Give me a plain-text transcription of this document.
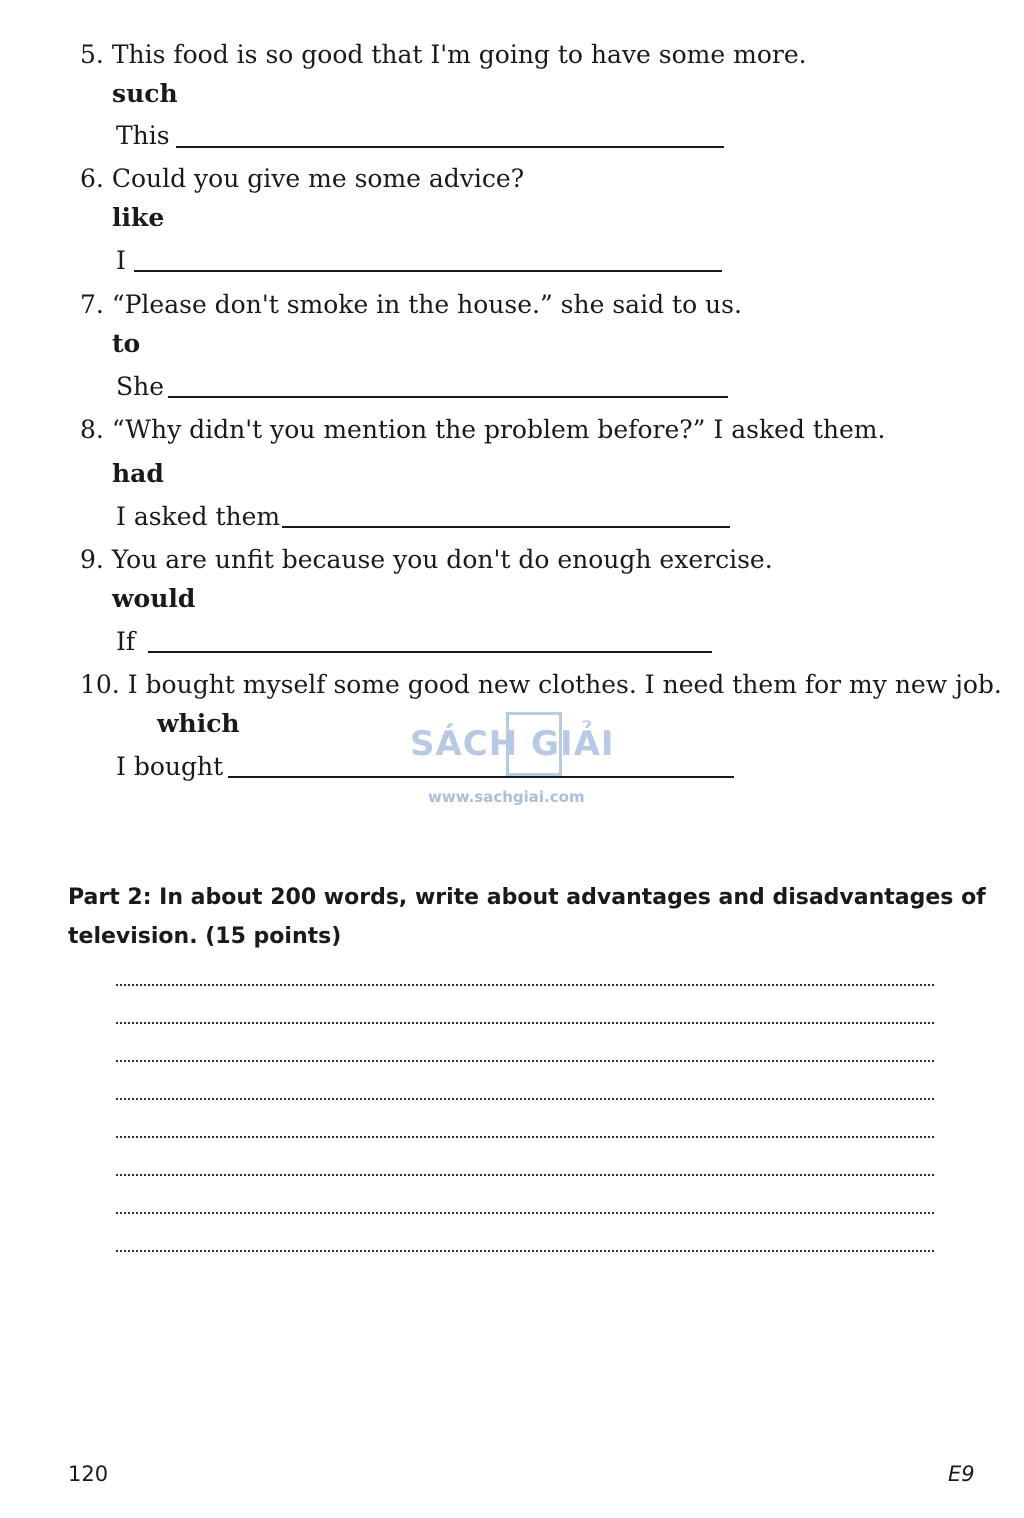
5. This food is so good that I'm going to have some more.
such
This
6. Could you give me some advice?
like
I
7. “Please don't smoke in the house.” she said to us.
to
She
8. “Why didn't you mention the problem before?” I asked them.
had
I asked them
9. You are unfit because you don't do enough exercise.
would
If
10. I bought myself some good new clothes. I need them for my new job.
which
I bought
SÁCH GIẢI
www.sachgiai.com
Part 2: In about 200 words, write about advantages and disadvantages of television. (15 points)
120	E9
